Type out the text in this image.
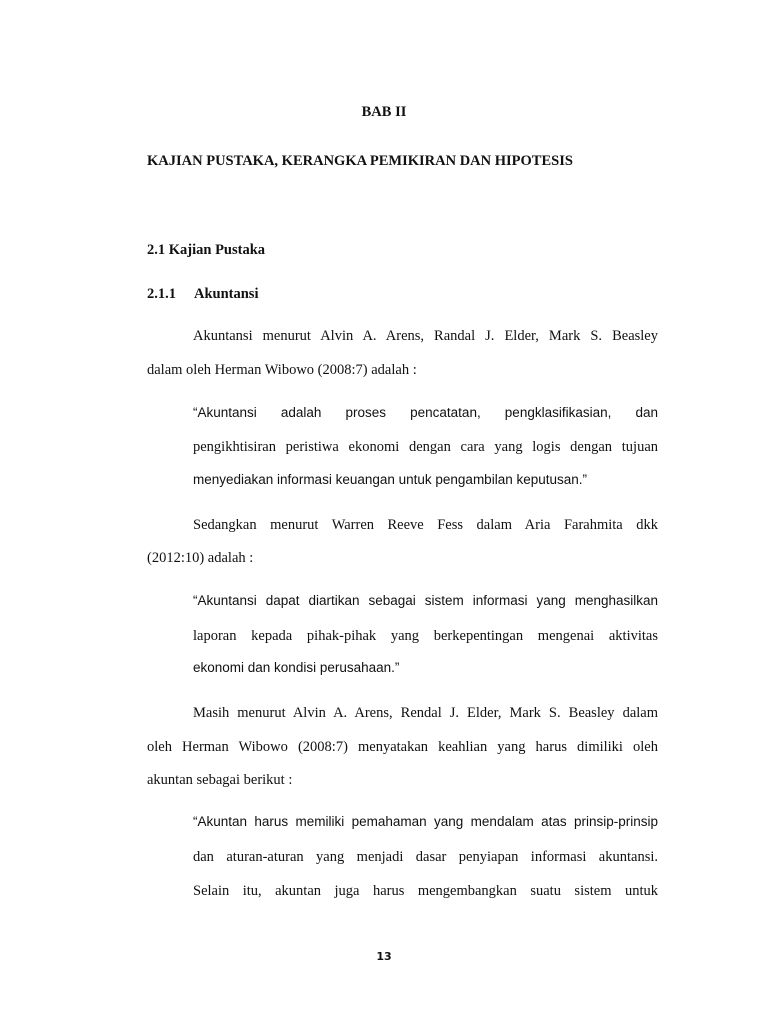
BAB II
KAJIAN PUSTAKA, KERANGKA PEMIKIRAN DAN HIPOTESIS
2.1 Kajian Pustaka
2.1.1 Akuntansi
Akuntansi menurut Alvin A. Arens, Randal J. Elder, Mark S. Beasley
dalam oleh Herman Wibowo (2008:7) adalah :
“Akuntansi adalah proses pencatatan, pengklasifikasian, dan
pengikhtisiran peristiwa ekonomi dengan cara yang logis dengan tujuan
menyediakan informasi keuangan untuk pengambilan keputusan.”
Sedangkan menurut Warren Reeve Fess dalam Aria Farahmita dkk
(2012:10) adalah :
“Akuntansi dapat diartikan sebagai sistem informasi yang menghasilkan
laporan kepada pihak-pihak yang berkepentingan mengenai aktivitas
ekonomi dan kondisi perusahaan.”
Masih menurut Alvin A. Arens, Rendal J. Elder, Mark S. Beasley dalam
oleh Herman Wibowo (2008:7) menyatakan keahlian yang harus dimiliki oleh
akuntan sebagai berikut :
“Akuntan harus memiliki pemahaman yang mendalam atas prinsip-prinsip
dan aturan-aturan yang menjadi dasar penyiapan informasi akuntansi.
Selain itu, akuntan juga harus mengembangkan suatu sistem untuk
13
